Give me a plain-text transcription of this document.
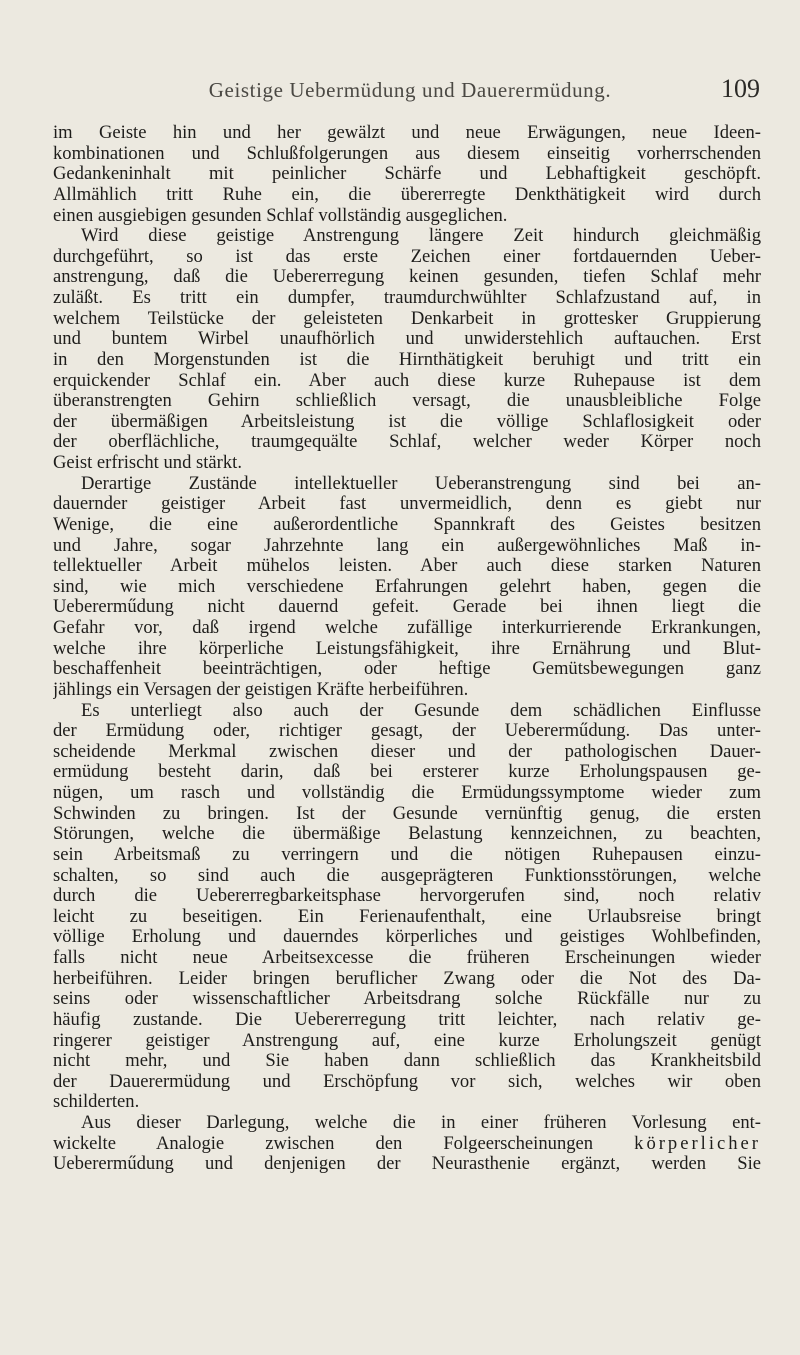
Geistige Uebermüdung und Dauerermüdung.	109
im Geiste hin und her gewälzt und neue Erwägungen, neue Ideen-
kombinationen und Schlußfolgerungen aus diesem einseitig vorherrschenden
Gedankeninhalt mit peinlicher Schärfe und Lebhaftigkeit geschöpft.
Allmählich tritt Ruhe ein, die übererregte Denkthätigkeit wird durch
einen ausgiebigen gesunden Schlaf vollständig ausgeglichen.
Wird diese geistige Anstrengung längere Zeit hindurch gleichmäßig
durchgeführt, so ist das erste Zeichen einer fortdauernden Ueber-
anstrengung, daß die Uebererregung keinen gesunden, tiefen Schlaf mehr
zuläßt. Es tritt ein dumpfer, traumdurchwühlter Schlafzustand auf, in
welchem Teilstücke der geleisteten Denkarbeit in grottesker Gruppierung
und buntem Wirbel unaufhörlich und unwiderstehlich auftauchen. Erst
in den Morgenstunden ist die Hirnthätigkeit beruhigt und tritt ein
erquickender Schlaf ein. Aber auch diese kurze Ruhepause ist dem
überanstrengten Gehirn schließlich versagt, die unausbleibliche Folge
der übermäßigen Arbeitsleistung ist die völlige Schlaflosigkeit oder
der oberflächliche, traumgequälte Schlaf, welcher weder Körper noch
Geist erfrischt und stärkt.
Derartige Zustände intellektueller Ueberanstrengung sind bei an-
dauernder geistiger Arbeit fast unvermeidlich, denn es giebt nur
Wenige, die eine außerordentliche Spannkraft des Geistes besitzen
und Jahre, sogar Jahrzehnte lang ein außergewöhnliches Maß in-
tellektueller Arbeit mühelos leisten. Aber auch diese starken Naturen
sind, wie mich verschiedene Erfahrungen gelehrt haben, gegen die
Uebererműdung nicht dauernd gefeit. Gerade bei ihnen liegt die
Gefahr vor, daß irgend welche zufällige interkurrierende Erkrankungen,
welche ihre körperliche Leistungsfähigkeit, ihre Ernährung und Blut-
beschaffenheit beeinträchtigen, oder heftige Gemütsbewegungen ganz
jählings ein Versagen der geistigen Kräfte herbeiführen.
Es unterliegt also auch der Gesunde dem schädlichen Einflusse
der Ermüdung oder, richtiger gesagt, der Uebererműdung. Das unter-
scheidende Merkmal zwischen dieser und der pathologischen Dauer-
ermüdung besteht darin, daß bei ersterer kurze Erholungspausen ge-
nügen, um rasch und vollständig die Ermüdungssymptome wieder zum
Schwinden zu bringen. Ist der Gesunde vernünftig genug, die ersten
Störungen, welche die übermäßige Belastung kennzeichnen, zu beachten,
sein Arbeitsmaß zu verringern und die nötigen Ruhepausen einzu-
schalten, so sind auch die ausgeprägteren Funktionsstörungen, welche
durch die Uebererregbarkeitsphase hervorgerufen sind, noch relativ
leicht zu beseitigen. Ein Ferienaufenthalt, eine Urlaubsreise bringt
völlige Erholung und dauerndes körperliches und geistiges Wohlbefinden,
falls nicht neue Arbeitsexcesse die früheren Erscheinungen wieder
herbeiführen. Leider bringen beruflicher Zwang oder die Not des Da-
seins oder wissenschaftlicher Arbeitsdrang solche Rückfälle nur zu
häufig zustande. Die Uebererregung tritt leichter, nach relativ ge-
ringerer geistiger Anstrengung auf, eine kurze Erholungszeit genügt
nicht mehr, und Sie haben dann schließlich das Krankheitsbild
der Dauerermüdung und Erschöpfung vor sich, welches wir oben
schilderten.
Aus dieser Darlegung, welche die in einer früheren Vorlesung ent-
wickelte Analogie zwischen den Folgeerscheinungen körperlicher
Uebererműdung und denjenigen der Neurasthenie ergänzt, werden Sie
